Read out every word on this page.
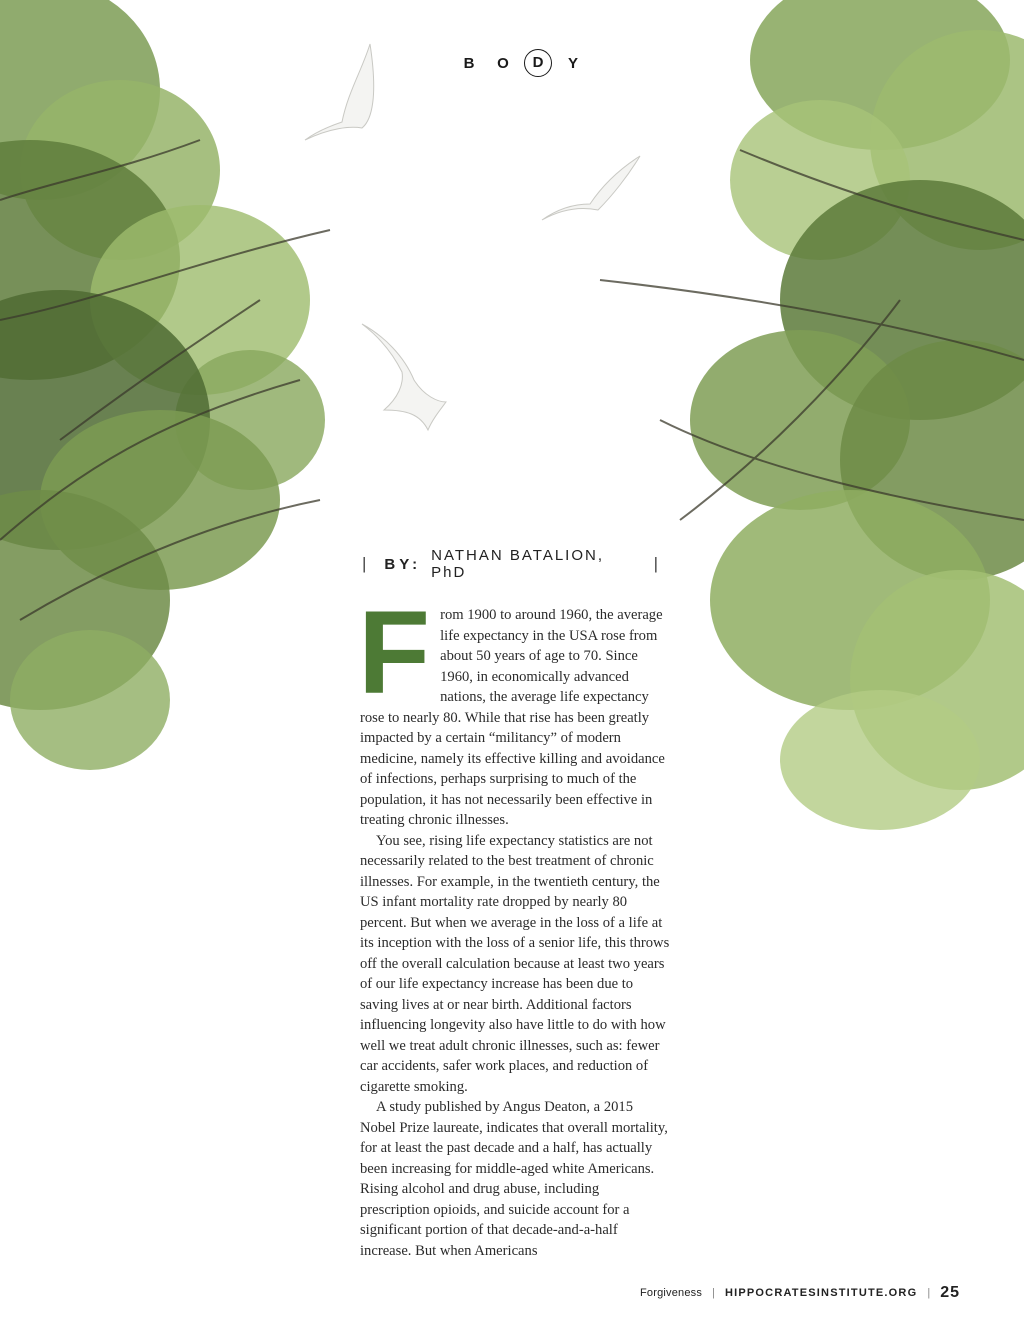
B	O	D	Y
| BY: NATHAN BATALION, PhD	|

From 1900 to around 1960, the average life expectancy in the USA rose from about 50 years of age to 70. Since 1960, in economically advanced nations, the average life expectancy rose to nearly 80. While that rise has been greatly impacted by a certain “militancy” of modern medicine, namely its effective killing and avoidance of infections, perhaps surprising to much of the population, it has not necessarily been effective in treating chronic illnesses.

You see, rising life expectancy statistics are not necessarily related to the best treatment of chronic illnesses. For example, in the twentieth century, the US infant mortality rate dropped by nearly 80 percent. But when we average in the loss of a life at its inception with the loss of a senior life, this throws off the overall calculation because at least two years of our life expectancy increase has been due to saving lives at or near birth. Additional factors influencing longevity also have little to do with how well we treat adult chronic illnesses, such as: fewer car accidents, safer work places, and reduction of cigarette smoking.

A study published by Angus Deaton, a 2015 Nobel Prize laureate, indicates that overall mortality, for at least the past decade and a half, has actually been increasing for middle-aged white Americans. Rising alcohol and drug abuse, including prescription opioids, and suicide account for a significant portion of that decade-and-a-half increase. But when Americans

Forgiveness | HIPPOCRATESINSTITUTE.ORG | 25
